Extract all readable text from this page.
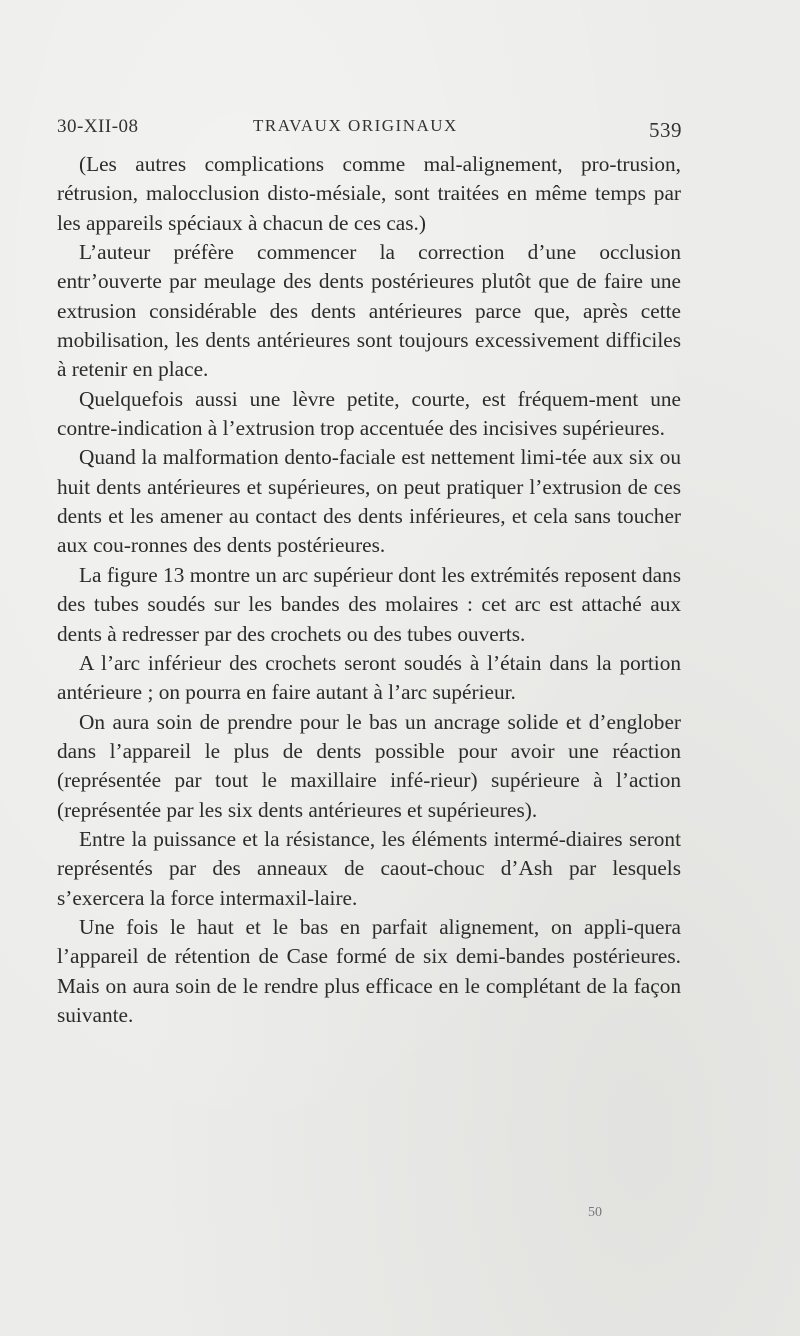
30-XII-08	TRAVAUX ORIGINAUX	539

(Les autres complications comme mal-alignement, pro-trusion, rétrusion, malocclusion disto-mésiale, sont traitées en même temps par les appareils spéciaux à chacun de ces cas.)

L’auteur préfère commencer la correction d’une occlusion entr’ouverte par meulage des dents postérieures plutôt que de faire une extrusion considérable des dents antérieures parce que, après cette mobilisation, les dents antérieures sont toujours excessivement difficiles à retenir en place.

Quelquefois aussi une lèvre petite, courte, est fréquem-ment une contre-indication à l’extrusion trop accentuée des incisives supérieures.

Quand la malformation dento-faciale est nettement limi-tée aux six ou huit dents antérieures et supérieures, on peut pratiquer l’extrusion de ces dents et les amener au contact des dents inférieures, et cela sans toucher aux cou-ronnes des dents postérieures.

La figure 13 montre un arc supérieur dont les extrémités reposent dans des tubes soudés sur les bandes des molaires : cet arc est attaché aux dents à redresser par des crochets ou des tubes ouverts.

A l’arc inférieur des crochets seront soudés à l’étain dans la portion antérieure ; on pourra en faire autant à l’arc supérieur.

On aura soin de prendre pour le bas un ancrage solide et d’englober dans l’appareil le plus de dents possible pour avoir une réaction (représentée par tout le maxillaire infé-rieur) supérieure à l’action (représentée par les six dents antérieures et supérieures).

Entre la puissance et la résistance, les éléments intermé-diaires seront représentés par des anneaux de caout-chouc d’Ash par lesquels s’exercera la force intermaxil-laire.

Une fois le haut et le bas en parfait alignement, on appli-quera l’appareil de rétention de Case formé de six demi-bandes postérieures. Mais on aura soin de le rendre plus efficace en le complétant de la façon suivante.

50
